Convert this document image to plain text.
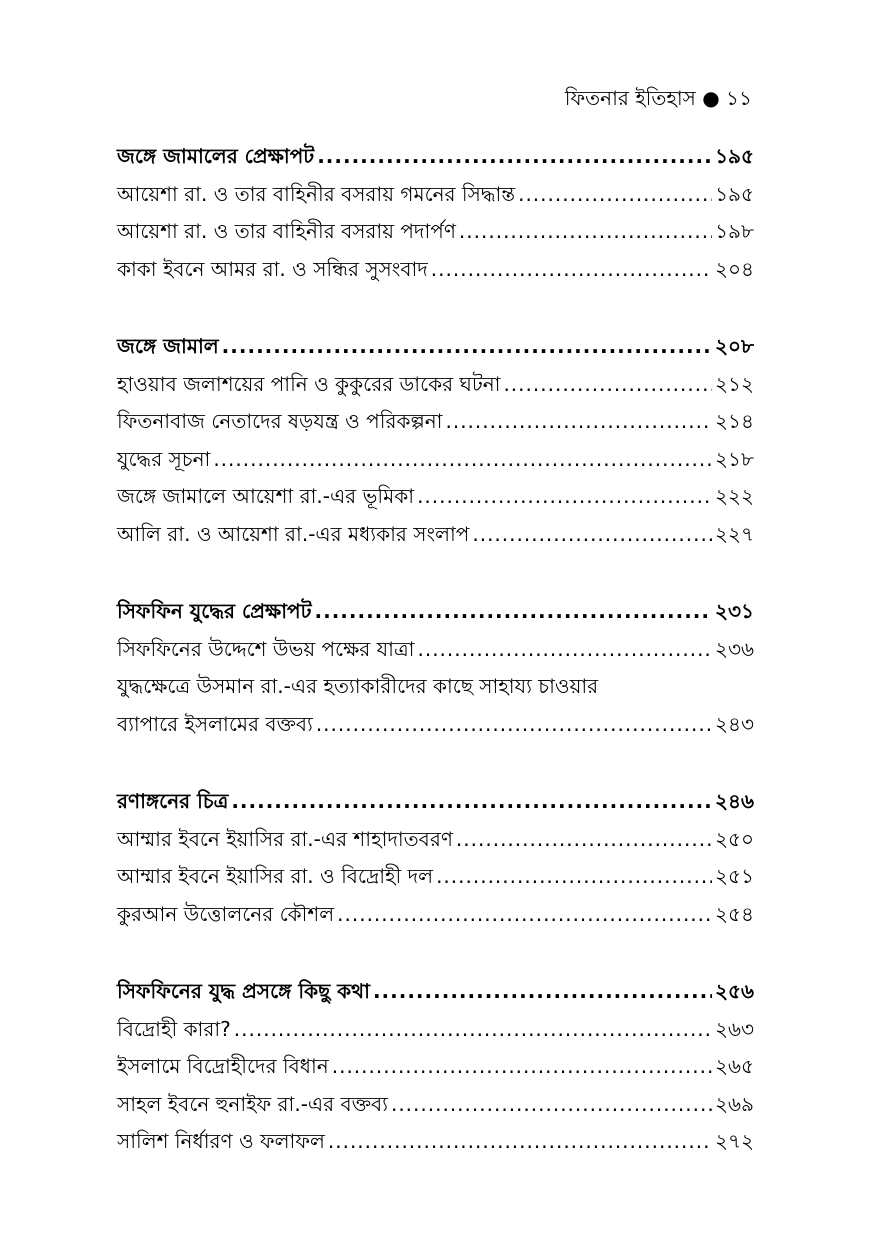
ফিতনার ইতিহাস ● ১১
জঙ্গে জামালের প্রেক্ষাপট .....	১৯৫
আয়েশা রা. ও তার বাহিনীর বসরায় গমনের সিদ্ধান্ত .....	১৯৫
আয়েশা রা. ও তার বাহিনীর বসরায় পদার্পণ .....	১৯৮
কাকা ইবনে আমর রা. ও সন্ধির সুসংবাদ .....	২০৪
জঙ্গে জামাল .....	২০৮
হাওয়াব জলাশয়ের পানি ও কুকুরের ডাকের ঘটনা .....	২১২
ফিতনাবাজ নেতাদের ষড়যন্ত্র ও পরিকল্পনা .....	২১৪
যুদ্ধের সূচনা .....	২১৮
জঙ্গে জামালে আয়েশা রা.-এর ভূমিকা .....	২২২
আলি রা. ও আয়েশা রা.-এর মধ্যকার সংলাপ .....	২২৭
সিফফিন যুদ্ধের প্রেক্ষাপট .....	২৩১
সিফফিনের উদ্দেশে উভয় পক্ষের যাত্রা .....	২৩৬
যুদ্ধক্ষেত্রে উসমান রা.-এর হত্যাকারীদের কাছে সাহায্য চাওয়ার
ব্যাপারে ইসলামের বক্তব্য .....	২৪৩
রণাঙ্গনের চিত্র .....	২৪৬
আম্মার ইবনে ইয়াসির রা.-এর শাহাদাতবরণ .....	২৫০
আম্মার ইবনে ইয়াসির রা. ও বিদ্রোহী দল .....	২৫১
কুরআন উত্তোলনের কৌশল .....	২৫৪
সিফফিনের যুদ্ধ প্রসঙ্গে কিছু কথা .....	২৫৬
বিদ্রোহী কারা? .....	২৬৩
ইসলামে বিদ্রোহীদের বিধান .....	২৬৫
সাহল ইবনে হুনাইফ রা.-এর বক্তব্য .....	২৬৯
সালিশ নির্ধারণ ও ফলাফল .....	২৭২
